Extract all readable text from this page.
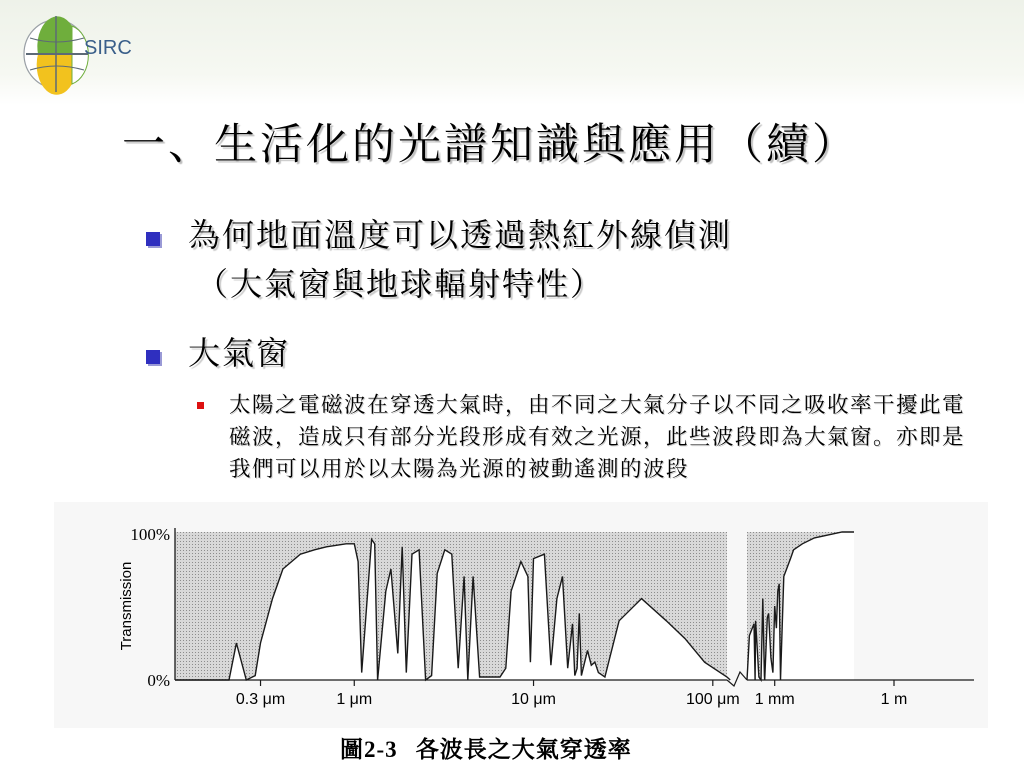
SIRC
一、生活化的光譜知識與應用（續）
為何地面溫度可以透過熱紅外線偵測
（大氣窗與地球輻射特性）
大氣窗
太陽之電磁波在穿透大氣時，由不同之大氣分子以不同之吸收率干擾此電磁波，造成只有部分光段形成有效之光源，此些波段即為大氣窗。亦即是我們可以用於以太陽為光源的被動遙測的波段
100%
0%
Transmission
0.3 μm	1 μm	10 μm	100 μm 1 mm	1 m
圖2-3 各波長之大氣穿透率
